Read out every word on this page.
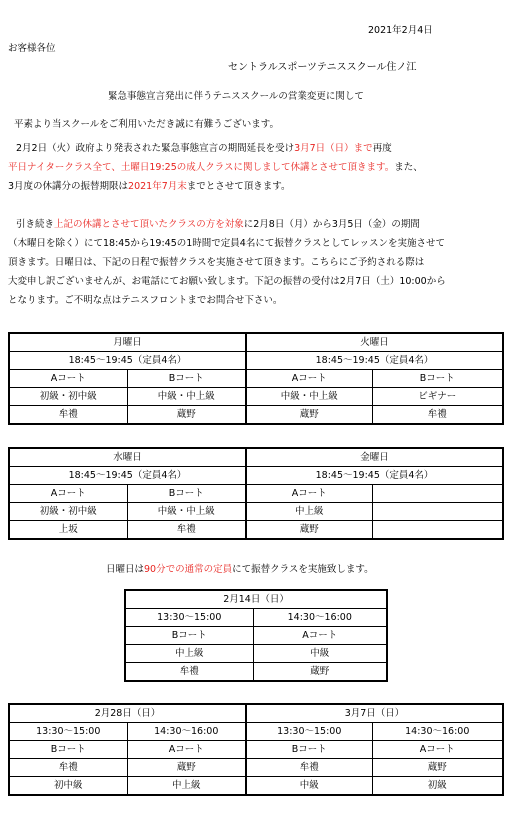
2021年2月4日
お客様各位
セントラルスポーツテニススクール住ノ江
緊急事態宣言発出に伴うテニススクールの営業変更に関して
平素より当スクールをご利用いただき誠に有難うございます。

2月2日（火）政府より発表された緊急事態宣言の期間延長を受け3月7日（日）まで再度

平日ナイタークラス全て、土曜日19:25の成人クラスに関しまして休講とさせて頂きます。また、

3月度の休講分の振替期限は2021年7月末までとさせて頂きます。

引き続き上記の休講とさせて頂いたクラスの方を対象に2月8日（月）から3月5日（金）の期間

（木曜日を除く）にて18:45から19:45の1時間で定員4名にて振替クラスとしてレッスンを実施させて

頂きます。日曜日は、下記の日程で振替クラスを実施させて頂きます。こちらにご予約される際は

大変申し訳ございませんが、お電話にてお願い致します。下記の振替の受付は2月7日（土）10:00から

となります。ご不明な点はテニスフロントまでお問合せ下さい。

月曜日		火曜日	
18:45～19:45（定員4名）		18:45～19:45（定員4名）	
Aコート	Bコート	Aコート	Bコート
初級・初中級	中級・中上級	中級・中上級	ビギナー
牟禮	蔵野	蔵野	牟禮
水曜日		金曜日	
18:45～19:45（定員4名）		18:45～19:45（定員4名）	
Aコート	Bコート	Aコート	
初級・初中級	中級・中上級	中上級	
上坂	牟禮	蔵野	
日曜日は90分での通常の定員にて振替クラスを実施致します。
2月14日（日）	
13:30～15:00	14:30～16:00
Bコート	Aコート
中上級	中級
牟禮	蔵野
2月28日（日）		3月7日（日）	
13:30～15:00	14:30～16:00	13:30～15:00	14:30～16:00
Bコート	Aコート	Bコート	Aコート
牟禮	蔵野	牟禮	蔵野
初中級	中上級	中級	初級
